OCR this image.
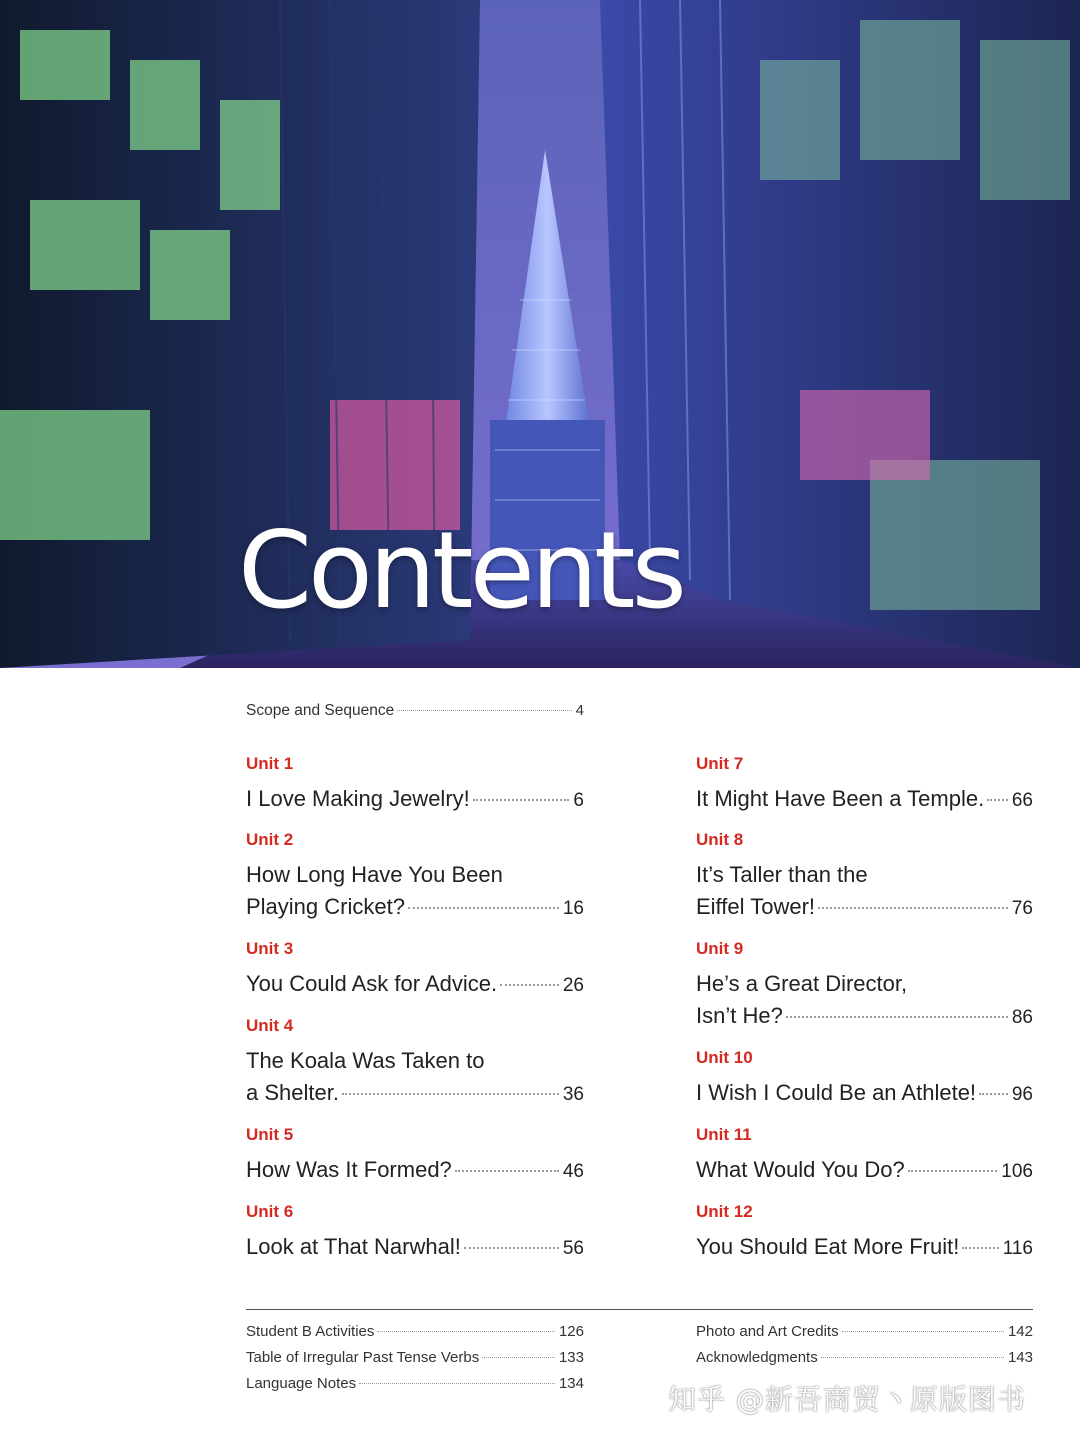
Contents
Scope and Sequence	4
Unit 1
I Love Making Jewelry!	6
Unit 2
How Long Have You Been
Playing Cricket?	16
Unit 3
You Could Ask for Advice.	26
Unit 4
The Koala Was Taken to
a Shelter.	36
Unit 5
How Was It Formed?	46
Unit 6
Look at That Narwhal!	56
Unit 7
It Might Have Been a Temple. 66
Unit 8
It’s Taller than the
Eiffel Tower!	76
Unit 9
He’s a Great Director,
Isn’t He?	86
Unit 10
I Wish I Could Be an Athlete! 96
Unit 11
What Would You Do?	106
Unit 12
You Should Eat More Fruit! 116
Student B Activities	126
Table of Irregular Past Tense Verbs	133
Language Notes	134
Photo and Art Credits	142
Acknowledgments	143
知乎 @新吾商贸丶原版图书
